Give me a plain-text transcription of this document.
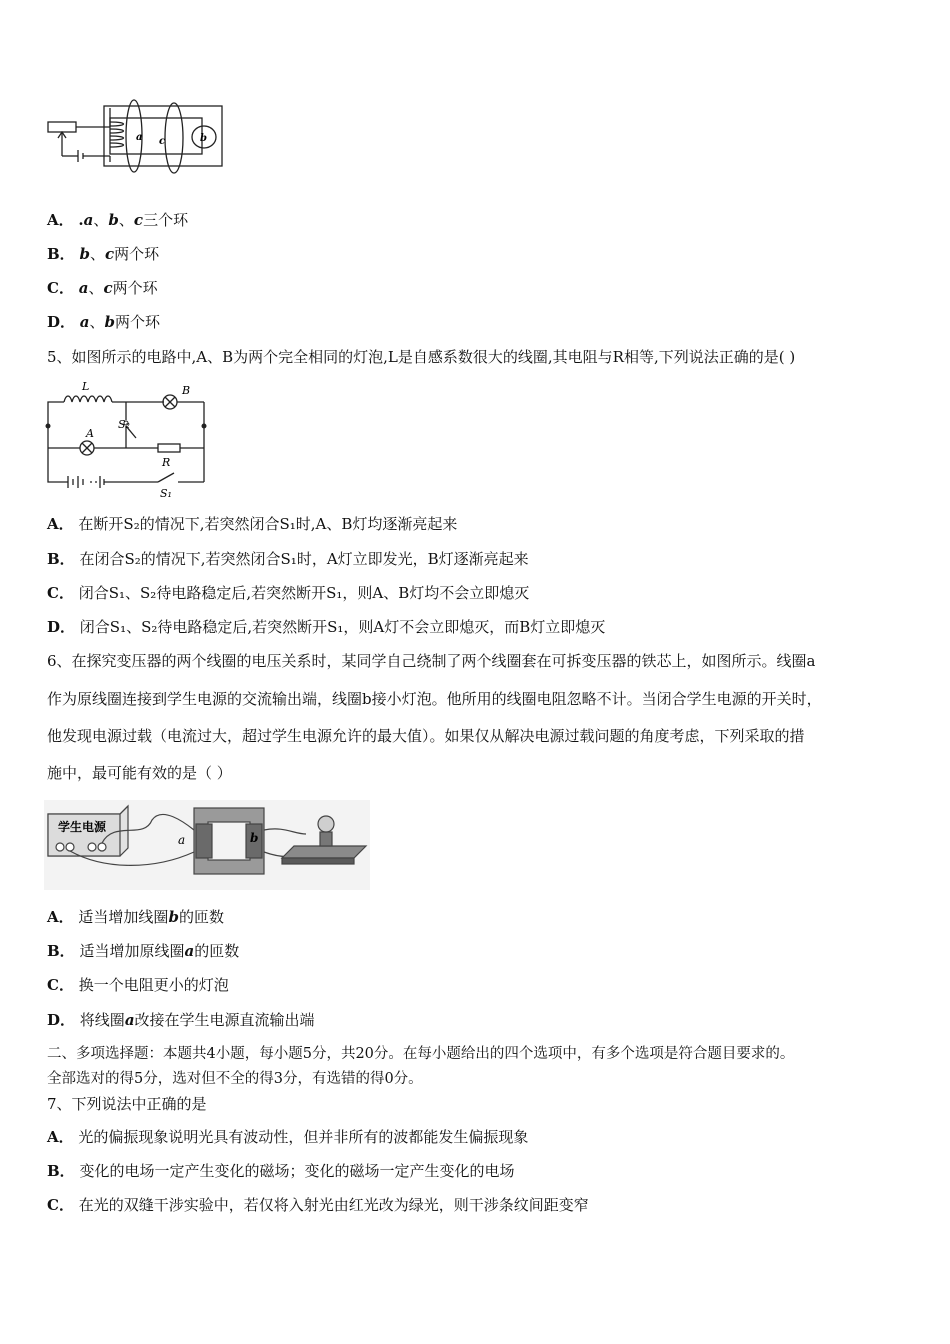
a c	b
A． .a、b、c三个环
B． b、c两个环
C． a、c两个环
D． a、b两个环
5、如图所示的电路中,A、B为两个完全相同的灯泡,L是自感系数很大的线圈,其电阻与R相等,下列说法正确的是( )
L	B
S₂
A
R
S₁
A． 在断开S₂的情况下,若突然闭合S₁时,A、B灯均逐渐亮起来
B． 在闭合S₂的情况下,若突然闭合S₁时，A灯立即发光，B灯逐渐亮起来
C． 闭合S₁、S₂待电路稳定后,若突然断开S₁，则A、B灯均不会立即熄灭
D． 闭合S₁、S₂待电路稳定后,若突然断开S₁，则A灯不会立即熄灭，而B灯立即熄灭
6、在探究变压器的两个线圈的电压关系时，某同学自己绕制了两个线圈套在可拆变压器的铁芯上，如图所示。线圈a
作为原线圈连接到学生电源的交流输出端，线圈b接小灯泡。他所用的线圈电阻忽略不计。当闭合学生电源的开关时，
他发现电源过载（电流过大，超过学生电源允许的最大值）。如果仅从解决电源过载问题的角度考虑，下列采取的措
施中，最可能有效的是（ ）
学生电源
a	b
A． 适当增加线圈b的匝数
B． 适当增加原线圈a的匝数
C． 换一个电阻更小的灯泡
D． 将线圈a改接在学生电源直流输出端
二、多项选择题：本题共4小题，每小题5分，共20分。在每小题给出的四个选项中，有多个选项是符合题目要求的。
全部选对的得5分，选对但不全的得3分，有选错的得0分。
7、下列说法中正确的是
A． 光的偏振现象说明光具有波动性，但并非所有的波都能发生偏振现象
B． 变化的电场一定产生变化的磁场；变化的磁场一定产生变化的电场
C． 在光的双缝干涉实验中，若仅将入射光由红光改为绿光，则干涉条纹间距变窄
